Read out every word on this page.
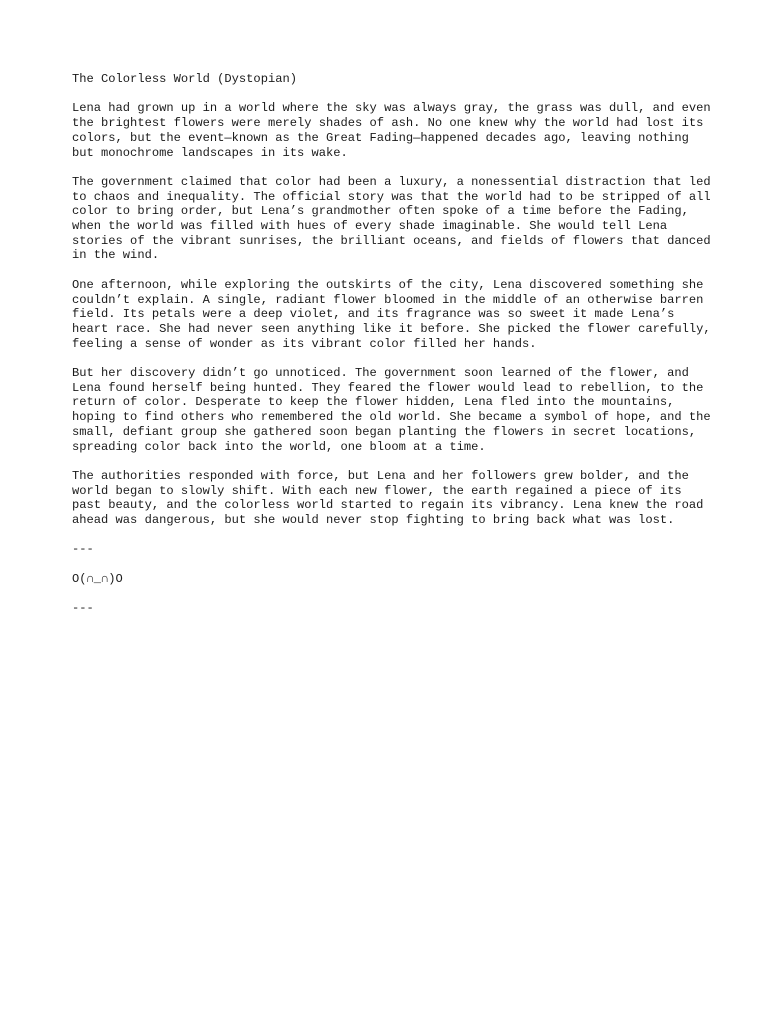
The Colorless World (Dystopian)

Lena had grown up in a world where the sky was always gray, the grass was dull, and even the brightest flowers were merely shades of ash. No one knew why the world had lost its colors, but the event—known as the Great Fading—happened decades ago, leaving nothing but monochrome landscapes in its wake.

The government claimed that color had been a luxury, a nonessential distraction that led to chaos and inequality. The official story was that the world had to be stripped of all color to bring order, but Lena’s grandmother often spoke of a time before the Fading, when the world was filled with hues of every shade imaginable. She would tell Lena stories of the vibrant sunrises, the brilliant oceans, and fields of flowers that danced in the wind.

One afternoon, while exploring the outskirts of the city, Lena discovered something she couldn’t explain. A single, radiant flower bloomed in the middle of an otherwise barren field. Its petals were a deep violet, and its fragrance was so sweet it made Lena’s heart race. She had never seen anything like it before. She picked the flower carefully, feeling a sense of wonder as its vibrant color filled her hands.

But her discovery didn’t go unnoticed. The government soon learned of the flower, and Lena found herself being hunted. They feared the flower would lead to rebellion, to the return of color. Desperate to keep the flower hidden, Lena fled into the mountains, hoping to find others who remembered the old world. She became a symbol of hope, and the small, defiant group she gathered soon began planting the flowers in secret locations, spreading color back into the world, one bloom at a time.

The authorities responded with force, but Lena and her followers grew bolder, and the world began to slowly shift. With each new flower, the earth regained a piece of its past beauty, and the colorless world started to regain its vibrancy. Lena knew the road ahead was dangerous, but she would never stop fighting to bring back what was lost.

---

O(∩_∩)O

---
